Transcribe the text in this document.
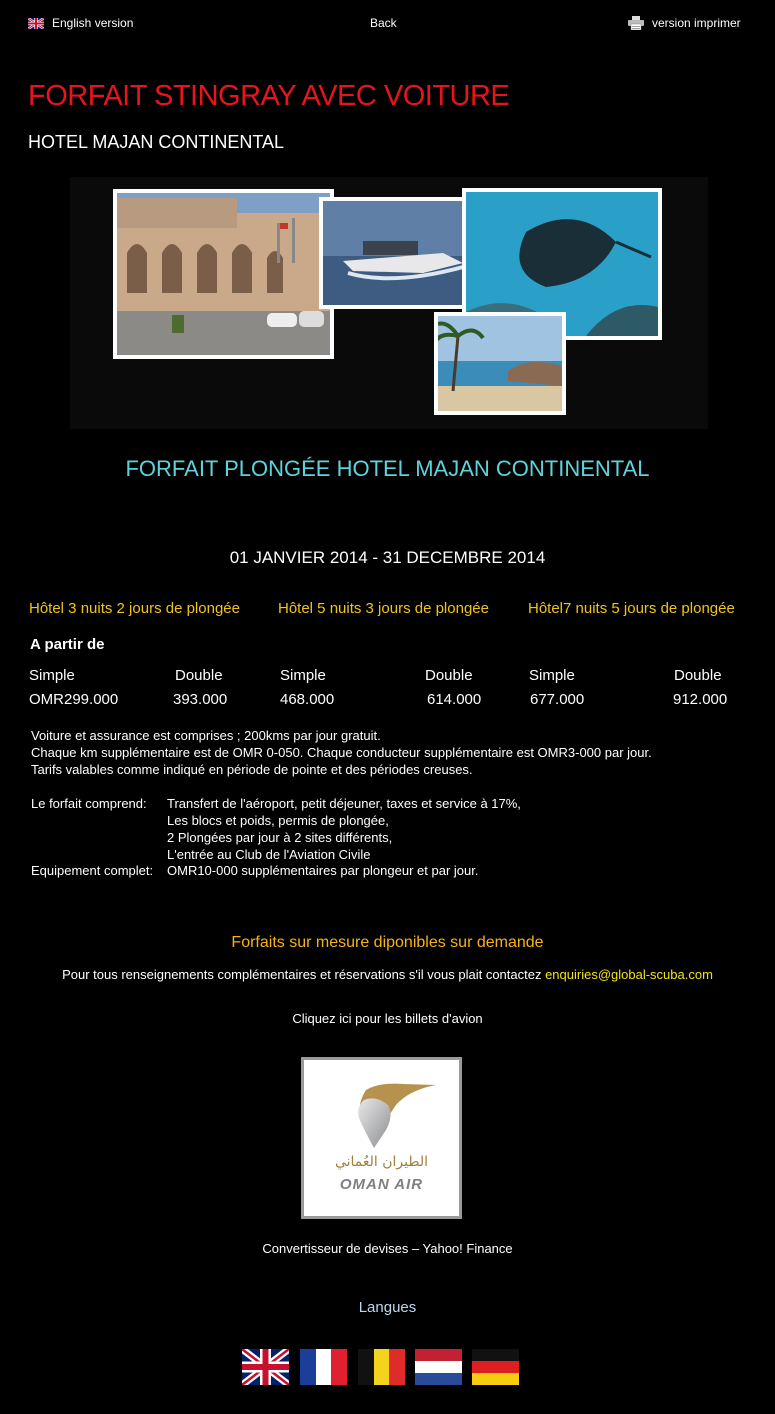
English version	Back	version imprimer
FORFAIT STINGRAY AVEC VOITURE
HOTEL MAJAN CONTINENTAL
FORFAIT PLONGÉE HOTEL MAJAN CONTINENTAL
01 JANVIER 2014 - 31 DECEMBRE 2014
Hôtel 3 nuits 2 jours de plongée	Hôtel 5 nuits 3 jours de plongée	Hôtel7 nuits 5 jours de plongée
A partir de
Simple	Double	Simple	Double	Simple	Double
OMR299.000	393.000	468.000	614.000	677.000	912.000

Voiture et assurance est comprises ; 200kms par jour gratuit.

Chaque km supplémentaire est de OMR 0-050. Chaque conducteur supplémentaire est OMR3-000 par jour.

Tarifs valables comme indiqué en période de pointe et des périodes creuses.

Le forfait comprend: Transfert de l'aéroport, petit déjeuner, taxes et service à 17%,
Les blocs et poids, permis de plongée,
2 Plongées par jour à 2 sites différents,
L'entrée au Club de l'Aviation Civile
Equipement complet: OMR10-000 supplémentaires par plongeur et par jour.
Forfaits sur mesure diponibles sur demande
Pour tous renseignements complémentaires et réservations s'il vous plait contactez enquiries@global-scuba.com
Cliquez ici pour les billets d'avion
الطيران العُماني
OMAN AIR
Convertisseur de devises – Yahoo! Finance
Langues
